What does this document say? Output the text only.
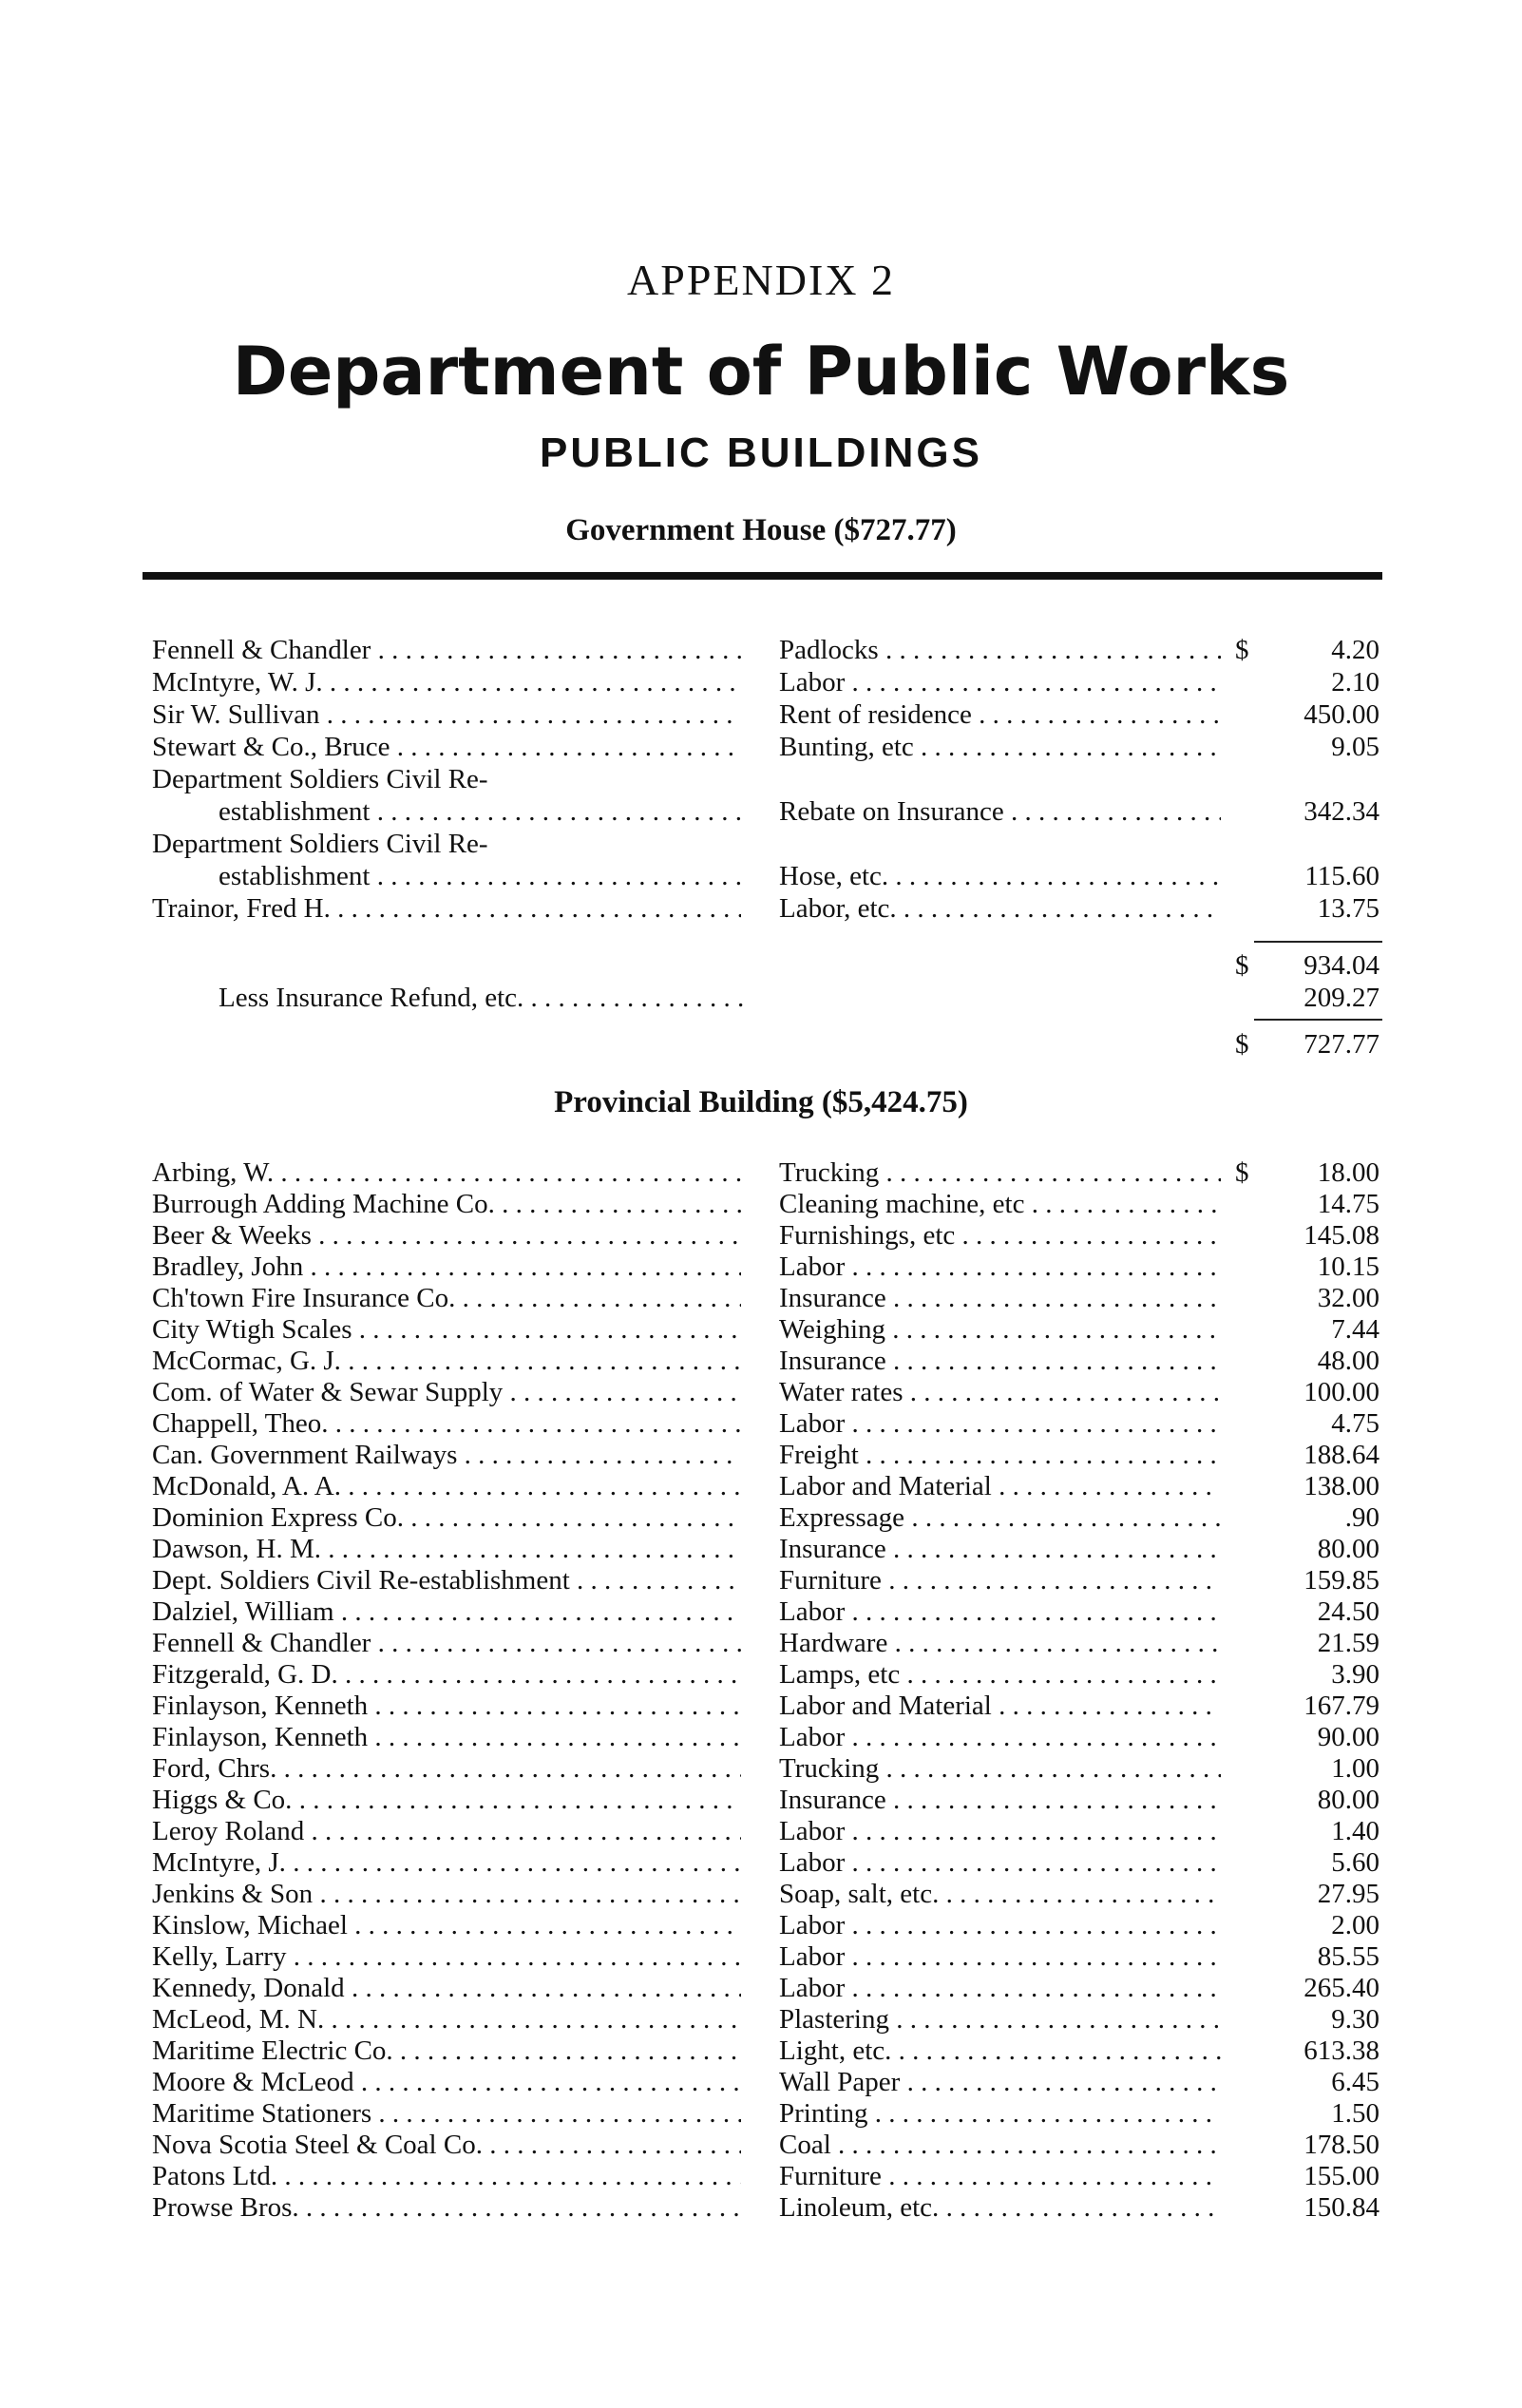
APPENDIX 2
Department of Public Works
PUBLIC BUILDINGS
Government House ($727.77)
Fennell & Chandler . . .	Padlocks . . .	$	4.20
McIntyre, W. J. . . .	Labor . . .	2.10
Sir W. Sullivan . . .	Rent of residence . . .	450.00
Stewart & Co., Bruce . . .	Bunting, etc . . .	9.05
Department Soldiers Civil Re-
establishment . . .	Rebate on Insurance . . .	342.34
Department Soldiers Civil Re-
establishment . . .	Hose, etc. . . .	115.60
Trainor, Fred H. . . .	Labor, etc. . . .	13.75
$	934.04
Less Insurance Refund, etc. . . .	209.27
$	727.77
Provincial Building ($5,424.75)
Arbing, W. . . .	Trucking . . .	$	18.00
Burrough Adding Machine Co. . . .	Cleaning machine, etc . . .	14.75
Beer & Weeks . . .	Furnishings, etc . . .	145.08
Bradley, John . . .	Labor . . .	10.15
Ch'town Fire Insurance Co. . . .	Insurance . . .	32.00
City Wtigh Scales . . .	Weighing . . .	7.44
McCormac, G. J. . . .	Insurance . . .	48.00
Com. of Water & Sewar Supply . . .	Water rates . . .	100.00
Chappell, Theo. . . .	Labor . . .	4.75
Can. Government Railways . . .	Freight . . .	188.64
McDonald, A. A. . . .	Labor and Material . . .	138.00
Dominion Express Co. . . .	Expressage . . .	.90
Dawson, H. M. . . .	Insurance . . .	80.00
Dept. Soldiers Civil Re-establishment . . .	Furniture . . .	159.85
Dalziel, William . . .	Labor . . .	24.50
Fennell & Chandler . . .	Hardware . . .	21.59
Fitzgerald, G. D. . . .	Lamps, etc . . .	3.90
Finlayson, Kenneth . . .	Labor and Material . . .	167.79
Finlayson, Kenneth . . .	Labor . . .	90.00
Ford, Chrs. . . .	Trucking . . .	1.00
Higgs & Co. . . .	Insurance . . .	80.00
Leroy Roland . . .	Labor . . .	1.40
McIntyre, J. . . .	Labor . . .	5.60
Jenkins & Son . . .	Soap, salt, etc. . . .	27.95
Kinslow, Michael . . .	Labor . . .	2.00
Kelly, Larry . . .	Labor . . .	85.55
Kennedy, Donald . . .	Labor . . .	265.40
McLeod, M. N. . . .	Plastering . . .	9.30
Maritime Electric Co. . . .	Light, etc. . . .	613.38
Moore & McLeod . . .	Wall Paper . . .	6.45
Maritime Stationers . . .	Printing . . .	1.50
Nova Scotia Steel & Coal Co. . . .	Coal . . .	178.50
Patons Ltd. . . .	Furniture . . .	155.00
Prowse Bros. . . .	Linoleum, etc. . . .	150.84
